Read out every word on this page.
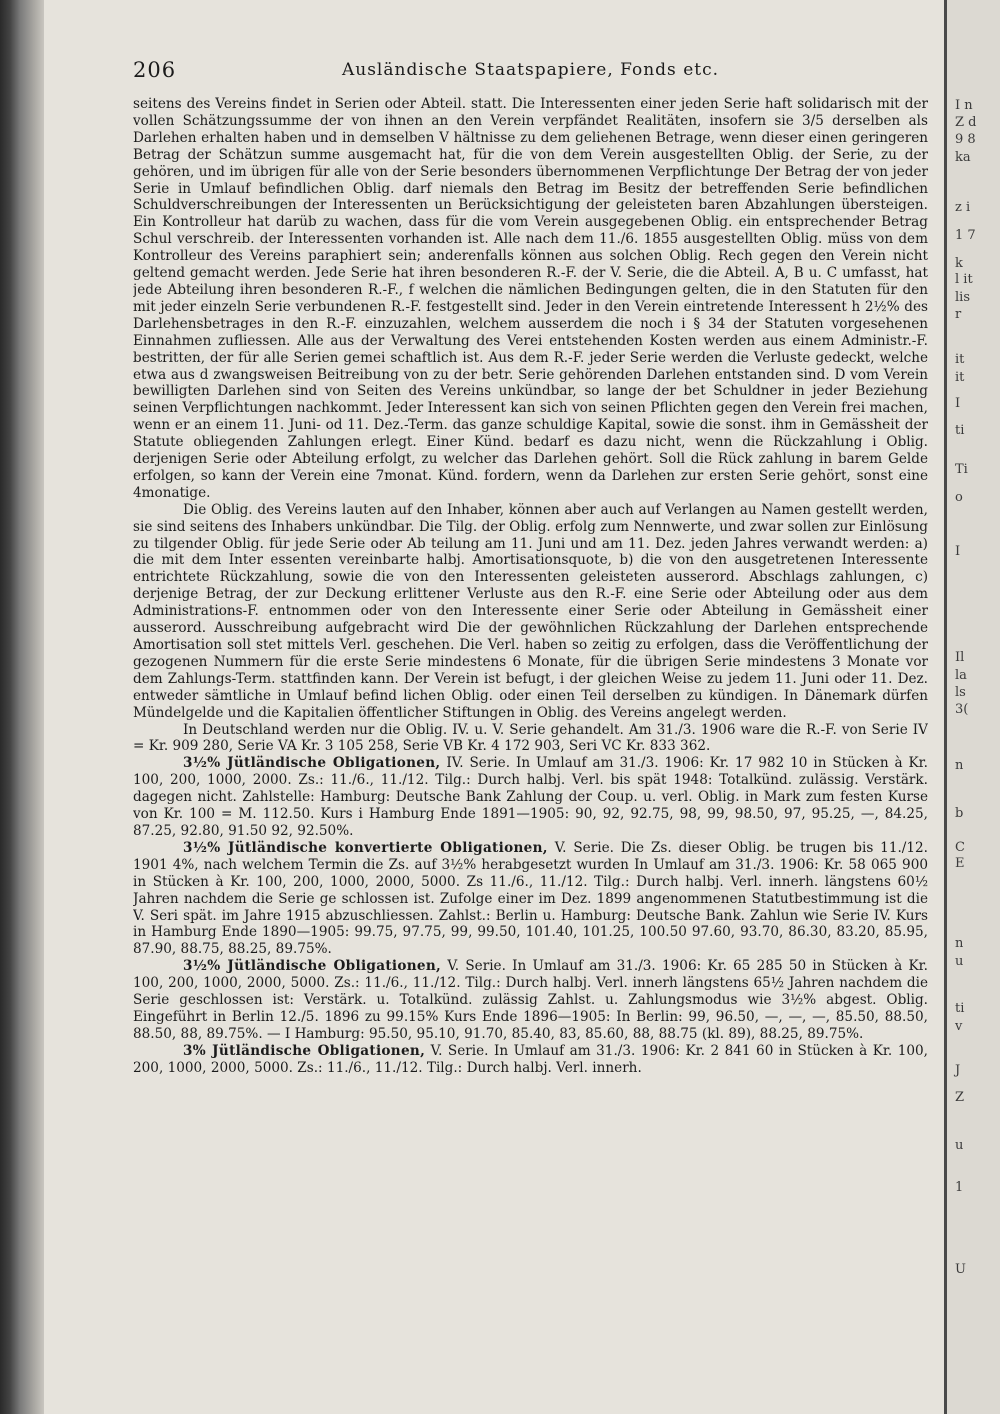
I n
Z d
9 8
ka
z i
1 7
k
l it
lis
r
it
it
I
ti
Ti
o
I
Il
la
ls
3(
n
b
C
E
n
u
ti
v
J
Z
u
1
U
206	Ausländische Staatspapiere, Fonds etc.

seitens des Vereins findet in Serien oder Abteil. statt. Die Interessenten einer jeden Serie haft solidarisch mit der vollen Schätzungssumme der von ihnen an den Verein verpfändet Realitäten, insofern sie 3/5 derselben als Darlehen erhalten haben und in demselben V hältnisse zu dem geliehenen Betrage, wenn dieser einen geringeren Betrag der Schätzun summe ausgemacht hat, für die von dem Verein ausgestellten Oblig. der Serie, zu der gehören, und im übrigen für alle von der Serie besonders übernommenen Verpflichtunge Der Betrag der von jeder Serie in Umlauf befindlichen Oblig. darf niemals den Betrag im Besitz der betreffenden Serie befindlichen Schuldverschreibungen der Interessenten un Berücksichtigung der geleisteten baren Abzahlungen übersteigen. Ein Kontrolleur hat darüb zu wachen, dass für die vom Verein ausgegebenen Oblig. ein entsprechender Betrag Schul verschreib. der Interessenten vorhanden ist. Alle nach dem 11./6. 1855 ausgestellten Oblig. müss von dem Kontrolleur des Vereins paraphiert sein; anderenfalls können aus solchen Oblig. Rech gegen den Verein nicht geltend gemacht werden. Jede Serie hat ihren besonderen R.-F. der V. Serie, die die Abteil. A, B u. C umfasst, hat jede Abteilung ihren besonderen R.-F., f welchen die nämlichen Bedingungen gelten, die in den Statuten für den mit jeder einzeln Serie verbundenen R.-F. festgestellt sind. Jeder in den Verein eintretende Interessent h 2½% des Darlehensbetrages in den R.-F. einzuzahlen, welchem ausserdem die noch i § 34 der Statuten vorgesehenen Einnahmen zufliessen. Alle aus der Verwaltung des Verei entstehenden Kosten werden aus einem Administr.-F. bestritten, der für alle Serien gemei schaftlich ist. Aus dem R.-F. jeder Serie werden die Verluste gedeckt, welche etwa aus d zwangsweisen Beitreibung von zu der betr. Serie gehörenden Darlehen entstanden sind. D vom Verein bewilligten Darlehen sind von Seiten des Vereins unkündbar, so lange der bet Schuldner in jeder Beziehung seinen Verpflichtungen nachkommt. Jeder Interessent kan sich von seinen Pflichten gegen den Verein frei machen, wenn er an einem 11. Juni- od 11. Dez.-Term. das ganze schuldige Kapital, sowie die sonst. ihm in Gemässheit der Statute obliegenden Zahlungen erlegt. Einer Künd. bedarf es dazu nicht, wenn die Rückzahlung i Oblig. derjenigen Serie oder Abteilung erfolgt, zu welcher das Darlehen gehört. Soll die Rück zahlung in barem Gelde erfolgen, so kann der Verein eine 7monat. Künd. fordern, wenn da Darlehen zur ersten Serie gehört, sonst eine 4monatige.

Die Oblig. des Vereins lauten auf den Inhaber, können aber auch auf Verlangen au Namen gestellt werden, sie sind seitens des Inhabers unkündbar. Die Tilg. der Oblig. erfolg zum Nennwerte, und zwar sollen zur Einlösung zu tilgender Oblig. für jede Serie oder Ab teilung am 11. Juni und am 11. Dez. jeden Jahres verwandt werden: a) die mit dem Inter essenten vereinbarte halbj. Amortisationsquote, b) die von den ausgetretenen Interessente entrichtete Rückzahlung, sowie die von den Interessenten geleisteten ausserord. Abschlags zahlungen, c) derjenige Betrag, der zur Deckung erlittener Verluste aus den R.-F. eine Serie oder Abteilung oder aus dem Administrations-F. entnommen oder von den Interessente einer Serie oder Abteilung in Gemässheit einer ausserord. Ausschreibung aufgebracht wird Die der gewöhnlichen Rückzahlung der Darlehen entsprechende Amortisation soll stet mittels Verl. geschehen. Die Verl. haben so zeitig zu erfolgen, dass die Veröffentlichung der gezogenen Nummern für die erste Serie mindestens 6 Monate, für die übrigen Serie mindestens 3 Monate vor dem Zahlungs-Term. stattfinden kann. Der Verein ist befugt, i der gleichen Weise zu jedem 11. Juni oder 11. Dez. entweder sämtliche in Umlauf befind lichen Oblig. oder einen Teil derselben zu kündigen. In Dänemark dürfen Mündelgelde und die Kapitalien öffentlicher Stiftungen in Oblig. des Vereins angelegt werden.

In Deutschland werden nur die Oblig. IV. u. V. Serie gehandelt. Am 31./3. 1906 ware die R.-F. von Serie IV = Kr. 909 280, Serie VA Kr. 3 105 258, Serie VB Kr. 4 172 903, Seri VC Kr. 833 362.

3½% Jütländische Obligationen, IV. Serie. In Umlauf am 31./3. 1906: Kr. 17 982 10 in Stücken à Kr. 100, 200, 1000, 2000. Zs.: 11./6., 11./12. Tilg.: Durch halbj. Verl. bis spät 1948: Totalkünd. zulässig. Verstärk. dagegen nicht. Zahlstelle: Hamburg: Deutsche Bank Zahlung der Coup. u. verl. Oblig. in Mark zum festen Kurse von Kr. 100 = M. 112.50. Kurs i Hamburg Ende 1891—1905: 90, 92, 92.75, 98, 99, 98.50, 97, 95.25, —, 84.25, 87.25, 92.80, 91.50 92, 92.50%.

3½% Jütländische konvertierte Obligationen, V. Serie. Die Zs. dieser Oblig. be trugen bis 11./12. 1901 4%, nach welchem Termin die Zs. auf 3½% herabgesetzt wurden In Umlauf am 31./3. 1906: Kr. 58 065 900 in Stücken à Kr. 100, 200, 1000, 2000, 5000. Zs 11./6., 11./12. Tilg.: Durch halbj. Verl. innerh. längstens 60½ Jahren nachdem die Serie ge schlossen ist. Zufolge einer im Dez. 1899 angenommenen Statutbestimmung ist die V. Seri spät. im Jahre 1915 abzuschliessen. Zahlst.: Berlin u. Hamburg: Deutsche Bank. Zahlun wie Serie IV. Kurs in Hamburg Ende 1890—1905: 99.75, 97.75, 99, 99.50, 101.40, 101.25, 100.50 97.60, 93.70, 86.30, 83.20, 85.95, 87.90, 88.75, 88.25, 89.75%.

3½% Jütländische Obligationen, V. Serie. In Umlauf am 31./3. 1906: Kr. 65 285 50 in Stücken à Kr. 100, 200, 1000, 2000, 5000. Zs.: 11./6., 11./12. Tilg.: Durch halbj. Verl. innerh längstens 65½ Jahren nachdem die Serie geschlossen ist: Verstärk. u. Totalkünd. zulässig Zahlst. u. Zahlungsmodus wie 3½% abgest. Oblig. Eingeführt in Berlin 12./5. 1896 zu 99.15% Kurs Ende 1896—1905: In Berlin: 99, 96.50, —, —, —, 85.50, 88.50, 88.50, 88, 89.75%. — I Hamburg: 95.50, 95.10, 91.70, 85.40, 83, 85.60, 88, 88.75 (kl. 89), 88.25, 89.75%.

3% Jütländische Obligationen, V. Serie. In Umlauf am 31./3. 1906: Kr. 2 841 60 in Stücken à Kr. 100, 200, 1000, 2000, 5000. Zs.: 11./6., 11./12. Tilg.: Durch halbj. Verl. innerh.
